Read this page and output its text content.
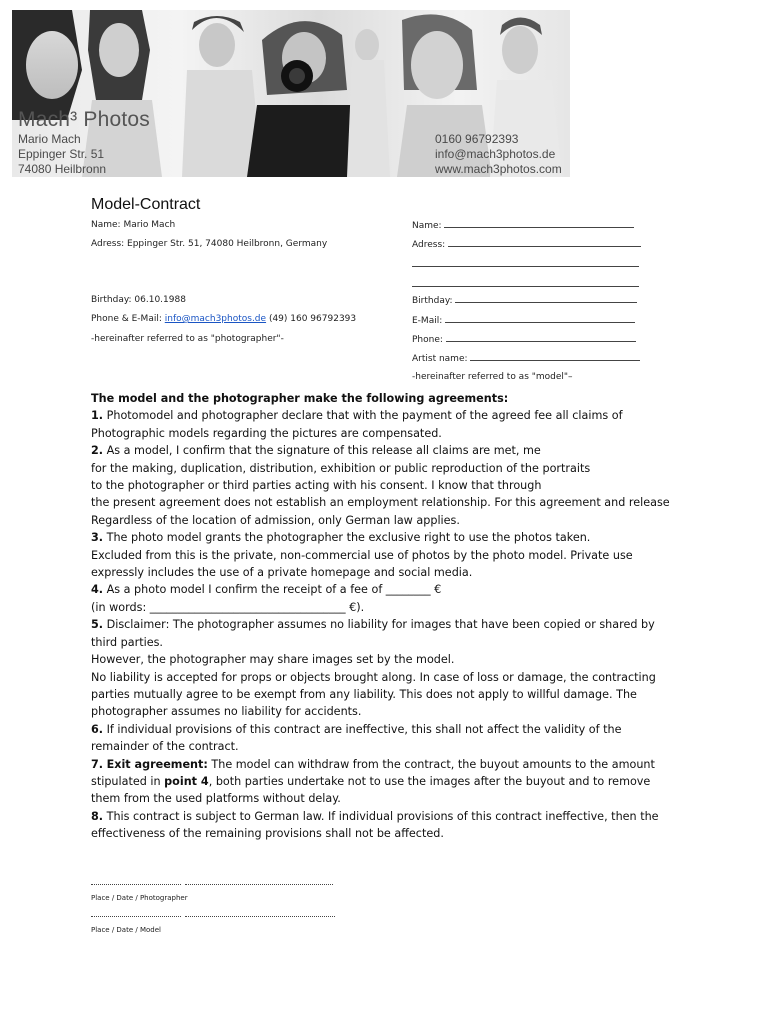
Mach³ Photos
Mario Mach
Eppinger Str. 51
74080 Heilbronn
0160 96792393
info@mach3photos.de
www.mach3photos.com
Model-Contract
Name: Mario Mach
Adress: Eppinger Str. 51, 74080 Heilbronn, Germany
Birthday: 06.10.1988
Phone & E-Mail: info@mach3photos.de (49) 160 96792393
-hereinafter referred to as "photographer"-
Name:
Adress:
Birthday:
E-Mail:
Phone:
Artist name:
-hereinafter referred to as "model"–

The model and the photographer make the following agreements:

1. Photomodel and photographer declare that with the payment of the agreed fee all claims of

Photographic models regarding the pictures are compensated.

2. As a model, I confirm that the signature of this release all claims are met, me

for the making, duplication, distribution, exhibition or public reproduction of the portraits

to the photographer or third parties acting with his consent. I know that through

the present agreement does not establish an employment relationship. For this agreement and release

Regardless of the location of admission, only German law applies.

3. The photo model grants the photographer the exclusive right to use the photos taken.

Excluded from this is the private, non-commercial use of photos by the photo model. Private use

expressly includes the use of a private homepage and social media.

4. As a photo model I confirm the receipt of a fee of ________ €

(in words: ___________________________________ €).

5. Disclaimer: The photographer assumes no liability for images that have been copied or shared by

third parties.

However, the photographer may share images set by the model.

No liability is accepted for props or objects brought along. In case of loss or damage, the contracting

parties mutually agree to be exempt from any liability. This does not apply to willful damage. The

photographer assumes no liability for accidents.

6. If individual provisions of this contract are ineffective, this shall not affect the validity of the

remainder of the contract.

7. Exit agreement: The model can withdraw from the contract, the buyout amounts to the amount

stipulated in point 4, both parties undertake not to use the images after the buyout and to remove

them from the used platforms without delay.

8. This contract is subject to German law. If individual provisions of this contract ineffective, then the

effectiveness of the remaining provisions shall not be affected.

Place / Date / Photographer
Place / Date / Model
